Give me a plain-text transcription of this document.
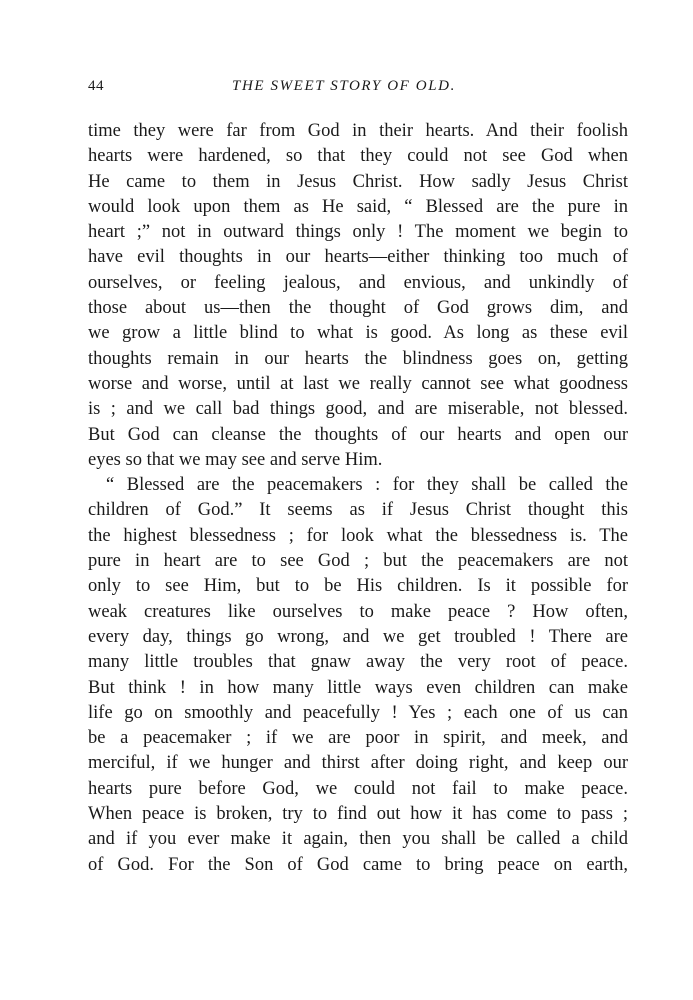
44	THE SWEET STORY OF OLD.
time they were far from God in their hearts. And their foolish
hearts were hardened, so that they could not see God when
He came to them in Jesus Christ. How sadly Jesus Christ
would look upon them as He said, “ Blessed are the pure in
heart ;” not in outward things only ! The moment we begin to
have evil thoughts in our hearts—either thinking too much of
ourselves, or feeling jealous, and envious, and unkindly of
those about us—then the thought of God grows dim, and
we grow a little blind to what is good. As long as these evil
thoughts remain in our hearts the blindness goes on, getting
worse and worse, until at last we really cannot see what goodness
is ; and we call bad things good, and are miserable, not blessed.
But God can cleanse the thoughts of our hearts and open our
eyes so that we may see and serve Him.
“ Blessed are the peacemakers : for they shall be called the
children of God.” It seems as if Jesus Christ thought this
the highest blessedness ; for look what the blessedness is. The
pure in heart are to see God ; but the peacemakers are not
only to see Him, but to be His children. Is it possible for
weak creatures like ourselves to make peace ? How often,
every day, things go wrong, and we get troubled ! There are
many little troubles that gnaw away the very root of peace.
But think ! in how many little ways even children can make
life go on smoothly and peacefully ! Yes ; each one of us can
be a peacemaker ; if we are poor in spirit, and meek, and
merciful, if we hunger and thirst after doing right, and keep our
hearts pure before God, we could not fail to make peace.
When peace is broken, try to find out how it has come to pass ;
and if you ever make it again, then you shall be called a child
of God. For the Son of God came to bring peace on earth,
